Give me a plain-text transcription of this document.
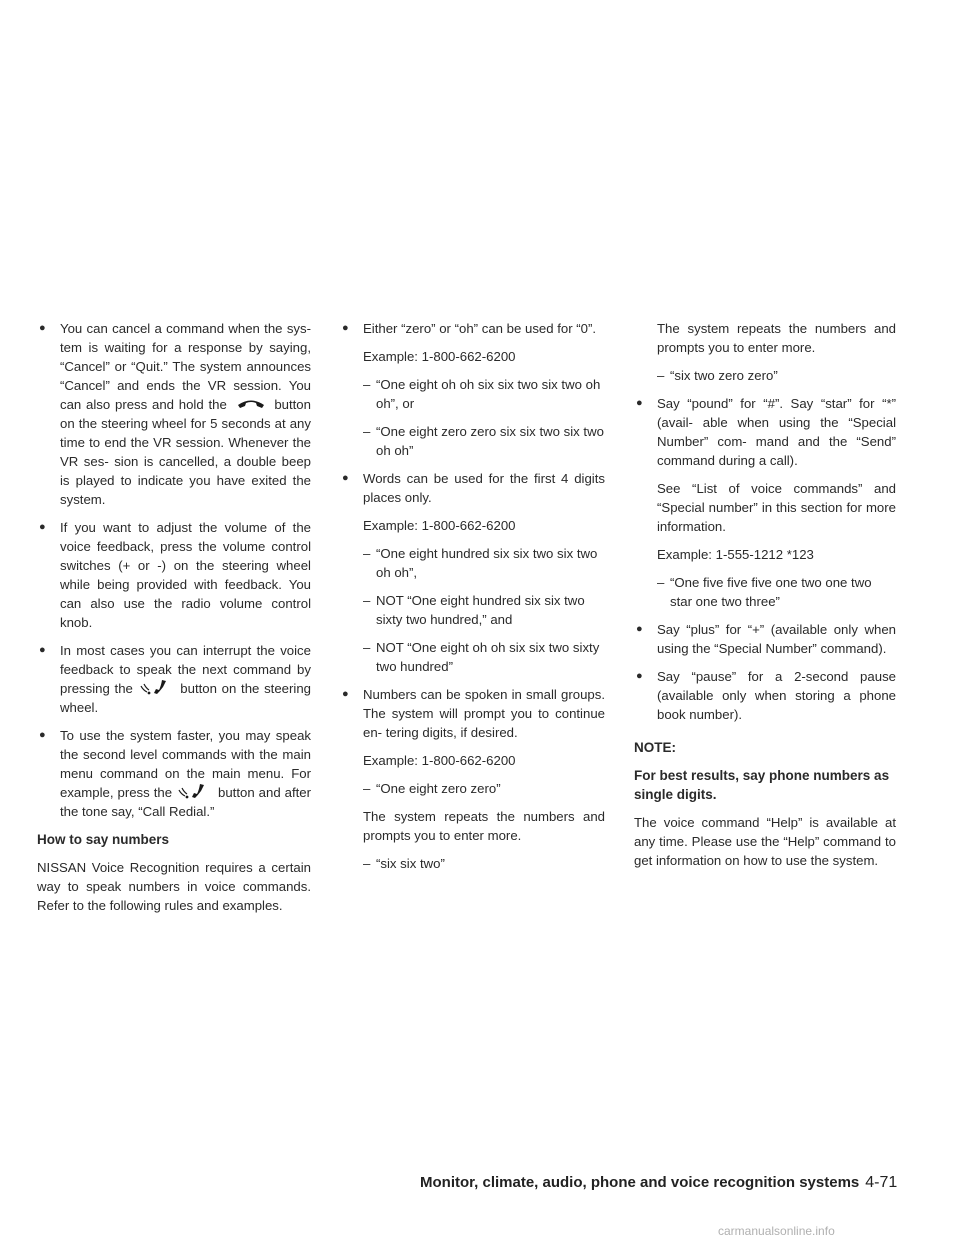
● You can cancel a command when the sys- tem is waiting for a response by saying, “Cancel” or “Quit.” The system announces “Cancel” and ends the VR session. You can also press and hold the	button on the steering wheel for 5 seconds at any time to end the VR session. Whenever the VR ses- sion is cancelled, a double beep is played to indicate you have exited the system.
● If you want to adjust the volume of the voice feedback, press the volume control switches (+ or -) on the steering wheel while being provided with feedback. You can also use the radio volume control knob.
● In most cases you can interrupt the voice feedback to speak the next command by pressing the	button on the steering wheel.
● To use the system faster, you may speak the second level commands with the main menu command on the main menu. For example, press the	button and after the tone say, “Call Redial.”
How to say numbers

NISSAN Voice Recognition requires a certain way to speak numbers in voice commands. Refer to the following rules and examples.

● Either “zero” or “oh” can be used for “0”.
Example: 1-800-662-6200
– “One eight oh oh six six two six two oh oh”, or
– “One eight zero zero six six two six two oh oh”
● Words can be used for the first 4 digits places only.
Example: 1-800-662-6200
– “One eight hundred six six two six two oh oh”,
– NOT “One eight hundred six six two sixty two hundred,” and
– NOT “One eight oh oh six six two sixty two hundred”
● Numbers can be spoken in small groups. The system will prompt you to continue en- tering digits, if desired.
Example: 1-800-662-6200
– “One eight zero zero”
The system repeats the numbers and prompts you to enter more.
– “six six two”
The system repeats the numbers and prompts you to enter more.
– “six two zero zero”
● Say “pound” for “#”. Say “star” for “*” (avail- able when using the “Special Number” com- mand and the “Send” command during a call).
See “List of voice commands” and “Special number” in this section for more information.
Example: 1-555-1212 *123
– “One five five five one two one two star one two three”
● Say “plus” for “+” (available only when using the “Special Number” command).
● Say “pause” for a 2-second pause (available only when storing a phone book number).
NOTE:
For best results, say phone numbers as single digits.

The voice command “Help” is available at any time. Please use the “Help” command to get information on how to use the system.

Monitor, climate, audio, phone and voice recognition systems 4-71
carmanualsonline.info
